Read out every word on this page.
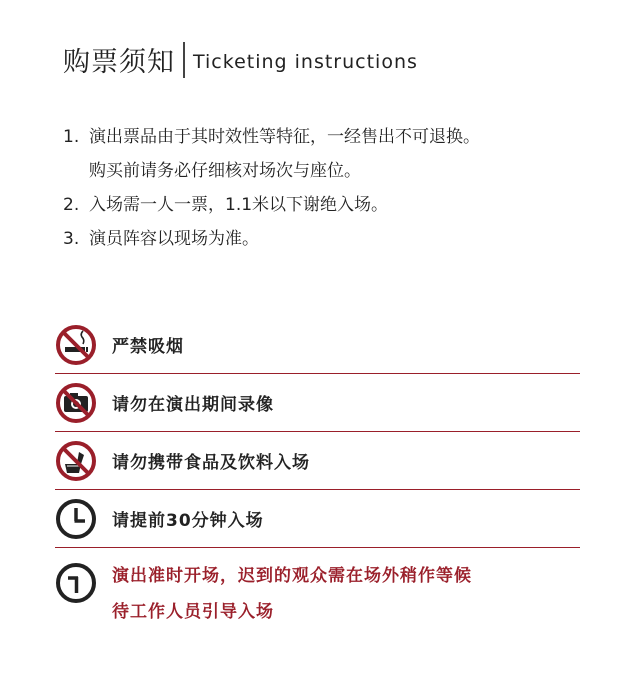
购票须知 Ticketing instructions
1. 演出票品由于其时效性等特征，一经售出不可退换。
购买前请务必仔细核对场次与座位。
2. 入场需一人一票，1.1米以下谢绝入场。
3. 演员阵容以现场为准。
严禁吸烟
请勿在演出期间录像
请勿携带食品及饮料入场
请提前30分钟入场
演出准时开场，迟到的观众需在场外稍作等候
待工作人员引导入场
